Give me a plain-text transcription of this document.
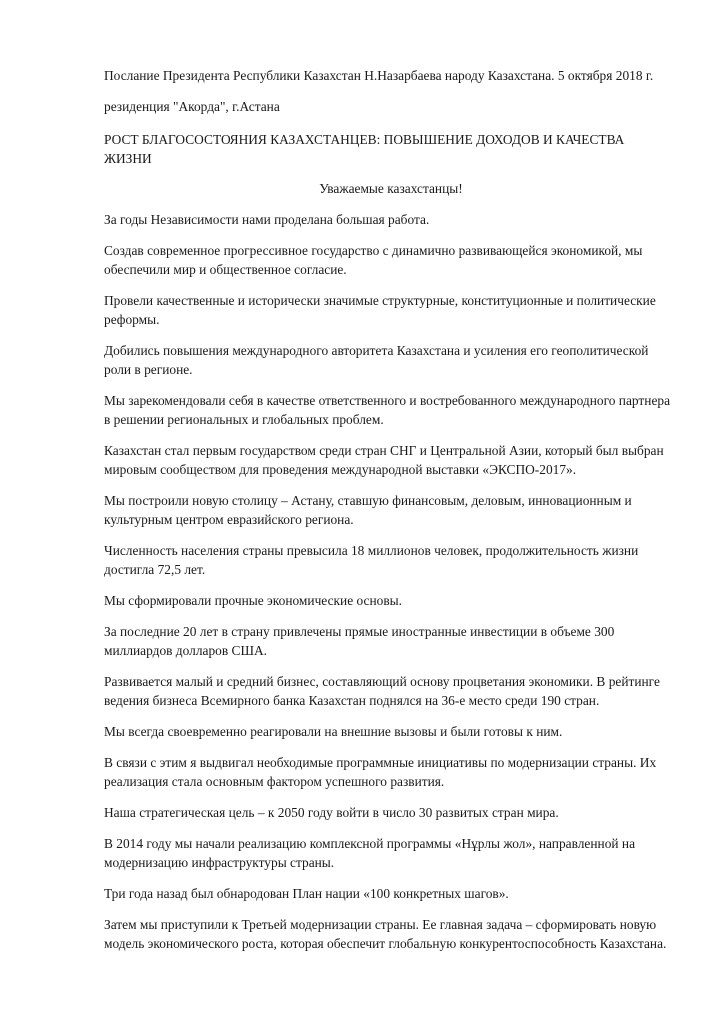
Послание Президента Республики Казахстан Н.Назарбаева народу Казахстана. 5 октября 2018 г.

резиденция "Акорда", г.Астана

РОСТ БЛАГОСОСТОЯНИЯ КАЗАХСТАНЦЕВ: ПОВЫШЕНИЕ ДОХОДОВ И КАЧЕСТВА
ЖИЗНИ

Уважаемые казахстанцы!

За годы Независимости нами проделана большая работа.
Создав современное прогрессивное государство с динамично развивающейся экономикой, мы
обеспечили мир и общественное согласие.
Провели качественные и исторически значимые структурные, конституционные и политические
реформы.
Добились повышения международного авторитета Казахстана и усиления его геополитической
роли в регионе.
Мы зарекомендовали себя в качестве ответственного и востребованного международного партнера
в решении региональных и глобальных проблем.
Казахстан стал первым государством среди стран СНГ и Центральной Азии, который был выбран
мировым сообществом для проведения международной выставки «ЭКСПО-2017».
Мы построили новую столицу – Астану, ставшую финансовым, деловым, инновационным и
культурным центром евразийского региона.
Численность населения страны превысила 18 миллионов человек, продолжительность жизни
достигла 72,5 лет.
Мы сформировали прочные экономические основы.
За последние 20 лет в страну привлечены прямые иностранные инвестиции в объеме 300
миллиардов долларов США.
Развивается малый и средний бизнес, составляющий основу процветания экономики. В рейтинге
ведения бизнеса Всемирного банка Казахстан поднялся на 36-е место среди 190 стран.
Мы всегда своевременно реагировали на внешние вызовы и были готовы к ним.
В связи с этим я выдвигал необходимые программные инициативы по модернизации страны. Их
реализация стала основным фактором успешного развития.
Наша стратегическая цель – к 2050 году войти в число 30 развитых стран мира.
В 2014 году мы начали реализацию комплексной программы «Нұрлы жол», направленной на
модернизацию инфраструктуры страны.
Три года назад был обнародован План нации «100 конкретных шагов».
Затем мы приступили к Третьей модернизации страны. Ее главная задача – сформировать новую
модель экономического роста, которая обеспечит глобальную конкурентоспособность Казахстана.
